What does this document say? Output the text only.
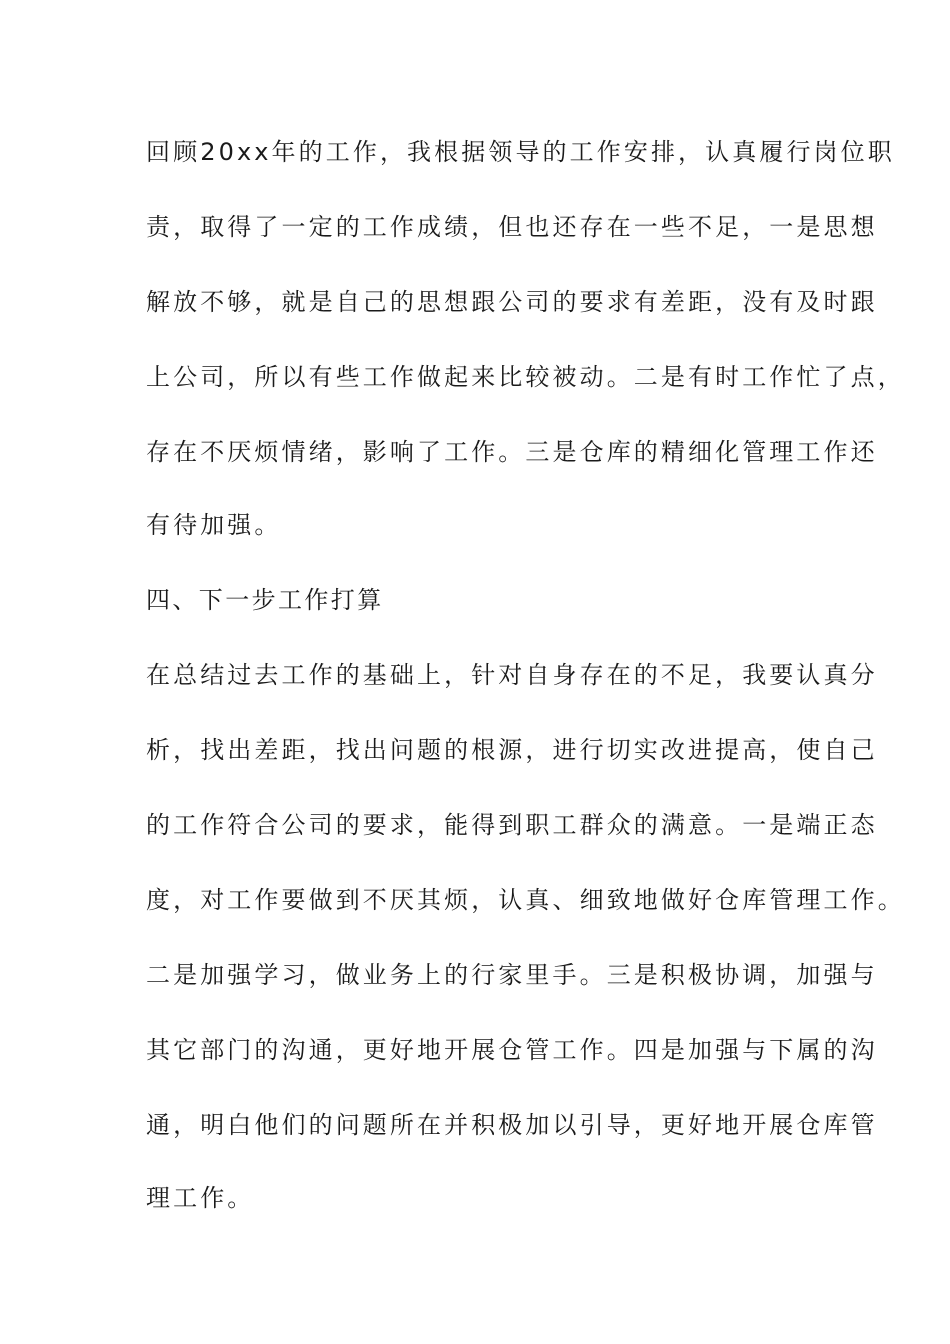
回顾20xx年的工作，我根据领导的工作安排，认真履行岗位职
责，取得了一定的工作成绩，但也还存在一些不足，一是思想
解放不够，就是自己的思想跟公司的要求有差距，没有及时跟
上公司，所以有些工作做起来比较被动。二是有时工作忙了点，
存在不厌烦情绪，影响了工作。三是仓库的精细化管理工作还
有待加强。
四、下一步工作打算
在总结过去工作的基础上，针对自身存在的不足，我要认真分
析，找出差距，找出问题的根源，进行切实改进提高，使自己
的工作符合公司的要求，能得到职工群众的满意。一是端正态
度，对工作要做到不厌其烦，认真、细致地做好仓库管理工作。
二是加强学习，做业务上的行家里手。三是积极协调，加强与
其它部门的沟通，更好地开展仓管工作。四是加强与下属的沟
通，明白他们的问题所在并积极加以引导，更好地开展仓库管
理工作。
